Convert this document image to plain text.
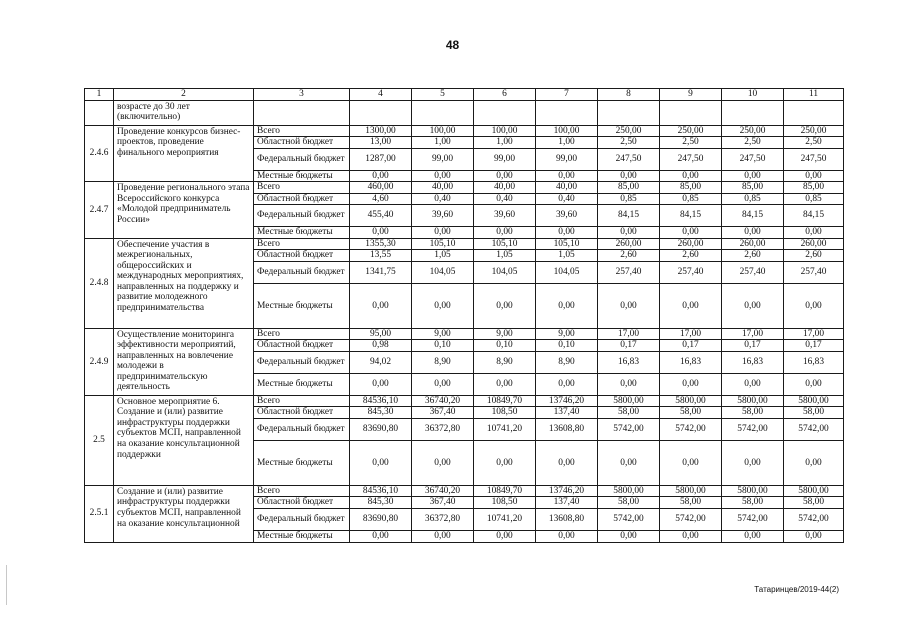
48
1	2	3	4	5	6	7	8	9	10	11
	возрасте до 30 лет (включительно)									
2.4.6	Проведение конкурсов бизнес-проектов, проведение финального мероприятия	Всего	1300,00	100,00	100,00	100,00	250,00	250,00	250,00	250,00
		Областной бюджет	13,00	1,00	1,00	1,00	2,50	2,50	2,50	2,50
		Федеральный бюджет	1287,00	99,00	99,00	99,00	247,50	247,50	247,50	247,50
		Местные бюджеты	0,00	0,00	0,00	0,00	0,00	0,00	0,00	0,00
2.4.7	Проведение регионального этапа Всероссийского конкурса «Молодой предприниматель России»	Всего	460,00	40,00	40,00	40,00	85,00	85,00	85,00	85,00
		Областной бюджет	4,60	0,40	0,40	0,40	0,85	0,85	0,85	0,85
		Федеральный бюджет	455,40	39,60	39,60	39,60	84,15	84,15	84,15	84,15
		Местные бюджеты	0,00	0,00	0,00	0,00	0,00	0,00	0,00	0,00
2.4.8	Обеспечение участия в межрегиональных, общероссийских и международных мероприятиях, направленных на поддержку и развитие молодежного предпринимательства	Всего	1355,30	105,10	105,10	105,10	260,00	260,00	260,00	260,00
		Областной бюджет	13,55	1,05	1,05	1,05	2,60	2,60	2,60	2,60
		Федеральный бюджет	1341,75	104,05	104,05	104,05	257,40	257,40	257,40	257,40
		Местные бюджеты	0,00	0,00	0,00	0,00	0,00	0,00	0,00	0,00
2.4.9	Осуществление мониторинга эффективности мероприятий, направленных на вовлечение молодежи в предпринимательскую деятельность	Всего	95,00	9,00	9,00	9,00	17,00	17,00	17,00	17,00
		Областной бюджет	0,98	0,10	0,10	0,10	0,17	0,17	0,17	0,17
		Федеральный бюджет	94,02	8,90	8,90	8,90	16,83	16,83	16,83	16,83
		Местные бюджеты	0,00	0,00	0,00	0,00	0,00	0,00	0,00	0,00
2.5	Основное мероприятие 6. Создание и (или) развитие инфраструктуры поддержки субъектов МСП, направленной на оказание консультационной поддержки	Всего	84536,10	36740,20	10849,70	13746,20	5800,00	5800,00	5800,00	5800,00
		Областной бюджет	845,30	367,40	108,50	137,40	58,00	58,00	58,00	58,00
		Федеральный бюджет	83690,80	36372,80	10741,20	13608,80	5742,00	5742,00	5742,00	5742,00
		Местные бюджеты	0,00	0,00	0,00	0,00	0,00	0,00	0,00	0,00
2.5.1	Создание и (или) развитие инфраструктуры поддержки субъектов МСП, направленной на оказание консультационной	Всего	84536,10	36740,20	10849,70	13746,20	5800,00	5800,00	5800,00	5800,00
		Областной бюджет	845,30	367,40	108,50	137,40	58,00	58,00	58,00	58,00
		Федеральный бюджет	83690,80	36372,80	10741,20	13608,80	5742,00	5742,00	5742,00	5742,00
		Местные бюджеты	0,00	0,00	0,00	0,00	0,00	0,00	0,00	0,00
Татаринцев/2019-44(2)
